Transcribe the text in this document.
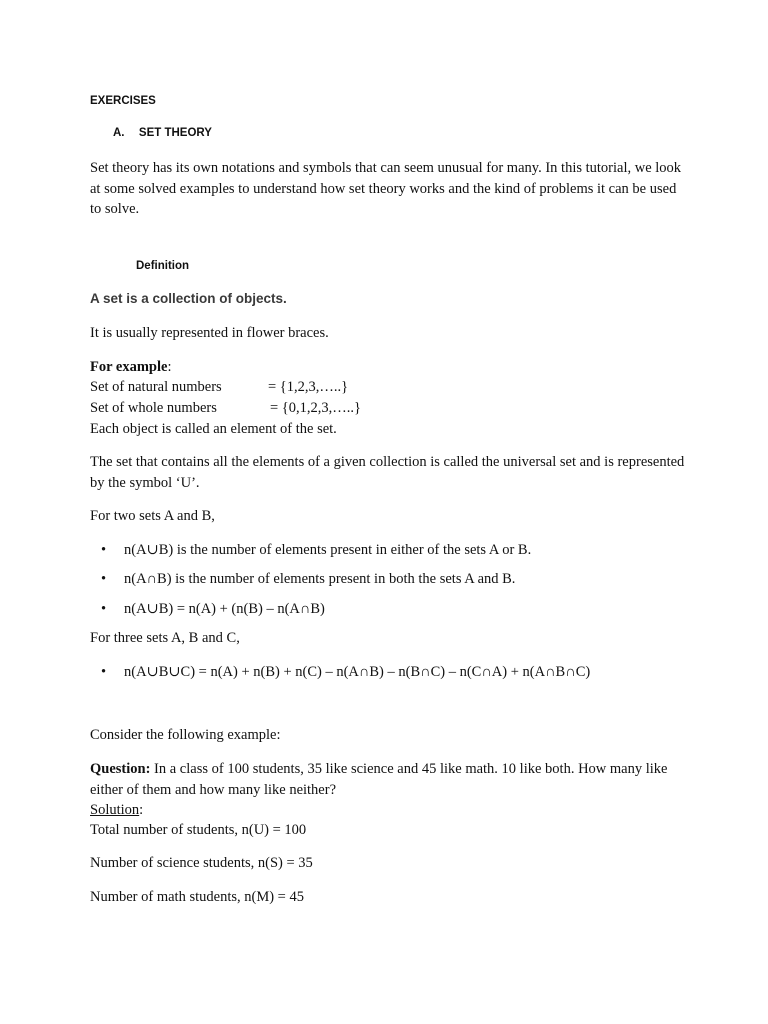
EXERCISES
A. SET THEORY
Set theory has its own notations and symbols that can seem unusual for many. In this tutorial, we look at some solved examples to understand how set theory works and the kind of problems it can be used to solve.
Definition
A set is a collection of objects.
It is usually represented in flower braces.
For example:
Set of natural numbers	= {1,2,3,…..}
Set of whole numbers	= {0,1,2,3,…..}
Each object is called an element of the set.
The set that contains all the elements of a given collection is called the universal set and is represented by the symbol ‘U’.
For two sets A and B,
• n(A∪B) is the number of elements present in either of the sets A or B.
• n(A∩B) is the number of elements present in both the sets A and B.
• n(A∪B) = n(A) + (n(B) – n(A∩B)
For three sets A, B and C,
• n(A∪B∪C) = n(A) + n(B) + n(C) – n(A∩B) – n(B∩C) – n(C∩A) + n(A∩B∩C)
Consider the following example:
Question: In a class of 100 students, 35 like science and 45 like math. 10 like both. How many like either of them and how many like neither?
Solution:
Total number of students, n(U) = 100
Number of science students, n(S) = 35
Number of math students, n(M) = 45
